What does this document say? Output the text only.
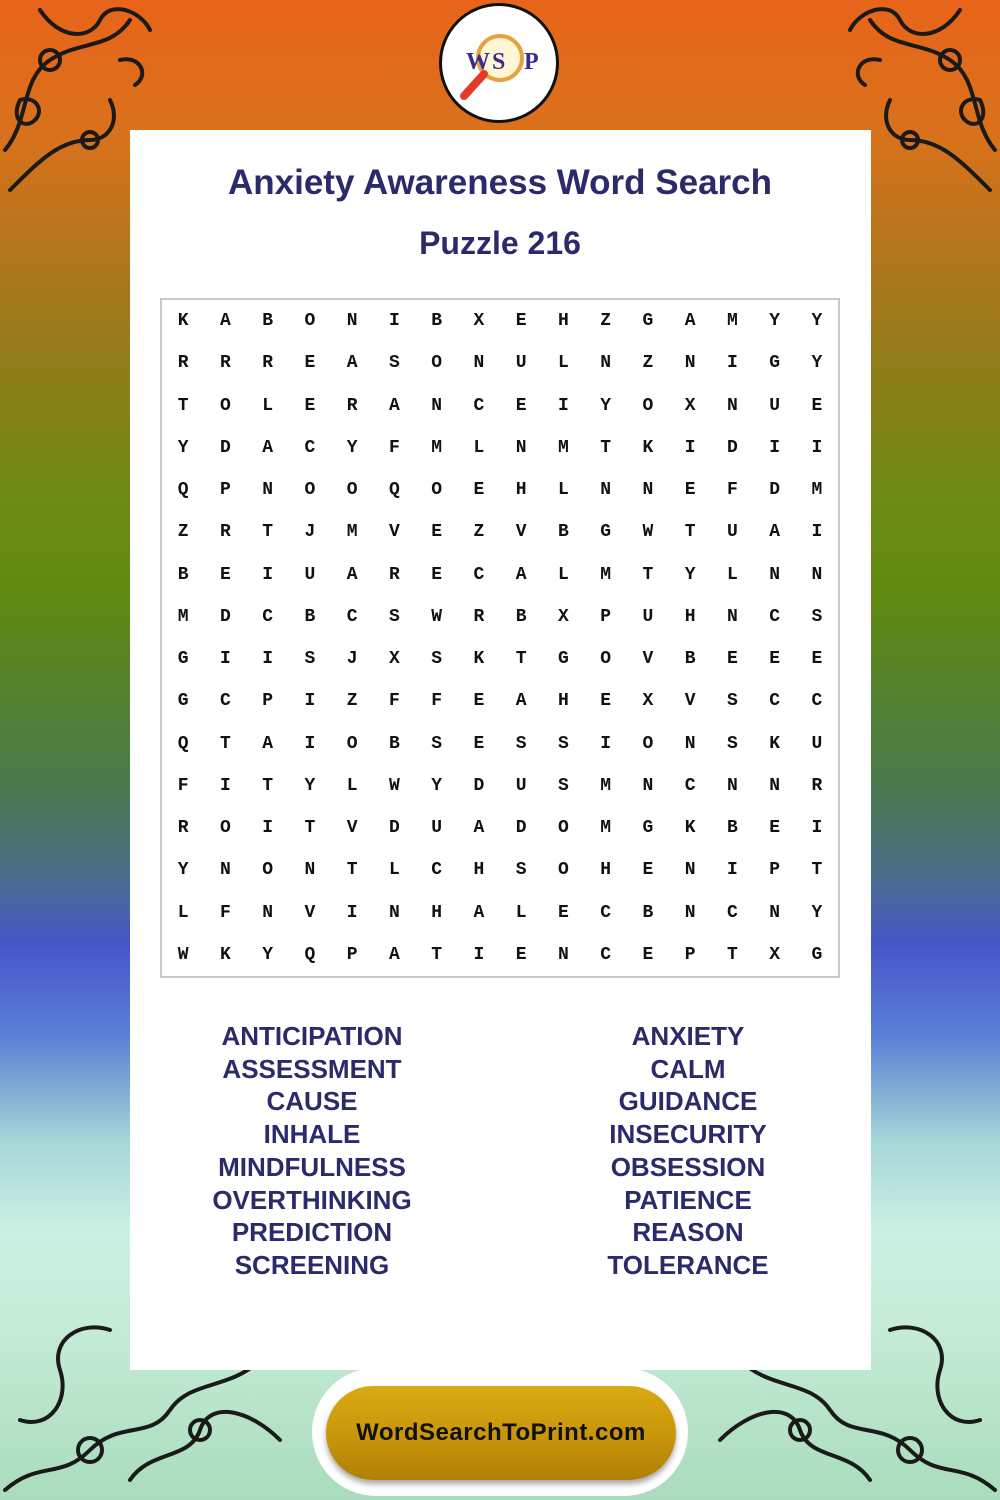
W S P
Anxiety Awareness Word Search
Puzzle 216
K	A	B	O	N	I	B	X	E	H	Z	G	A	M	Y	Y
R	R	R	E	A	S	O	N	U	L	N	Z	N	I	G	Y
T	O	L	E	R	A	N	C	E	I	Y	O	X	N	U	E
Y	D	A	C	Y	F	M	L	N	M	T	K	I	D	I	I
Q	P	N	O	O	Q	O	E	H	L	N	N	E	F	D	M
Z	R	T	J	M	V	E	Z	V	B	G	W	T	U	A	I
B	E	I	U	A	R	E	C	A	L	M	T	Y	L	N	N
M	D	C	B	C	S	W	R	B	X	P	U	H	N	C	S
G	I	I	S	J	X	S	K	T	G	O	V	B	E	E	E
G	C	P	I	Z	F	F	E	A	H	E	X	V	S	C	C
Q	T	A	I	O	B	S	E	S	S	I	O	N	S	K	U
F	I	T	Y	L	W	Y	D	U	S	M	N	C	N	N	R
R	O	I	T	V	D	U	A	D	O	M	G	K	B	E	I
Y	N	O	N	T	L	C	H	S	O	H	E	N	I	P	T
L	F	N	V	I	N	H	A	L	E	C	B	N	C	N	Y
W	K	Y	Q	P	A	T	I	E	N	C	E	P	T	X	G
ANTICIPATION
ASSESSMENT
CAUSE
INHALE
MINDFULNESS
OVERTHINKING
PREDICTION
SCREENING
ANXIETY
CALM
GUIDANCE
INSECURITY
OBSESSION
PATIENCE
REASON
TOLERANCE
WordSearchToPrint.com
